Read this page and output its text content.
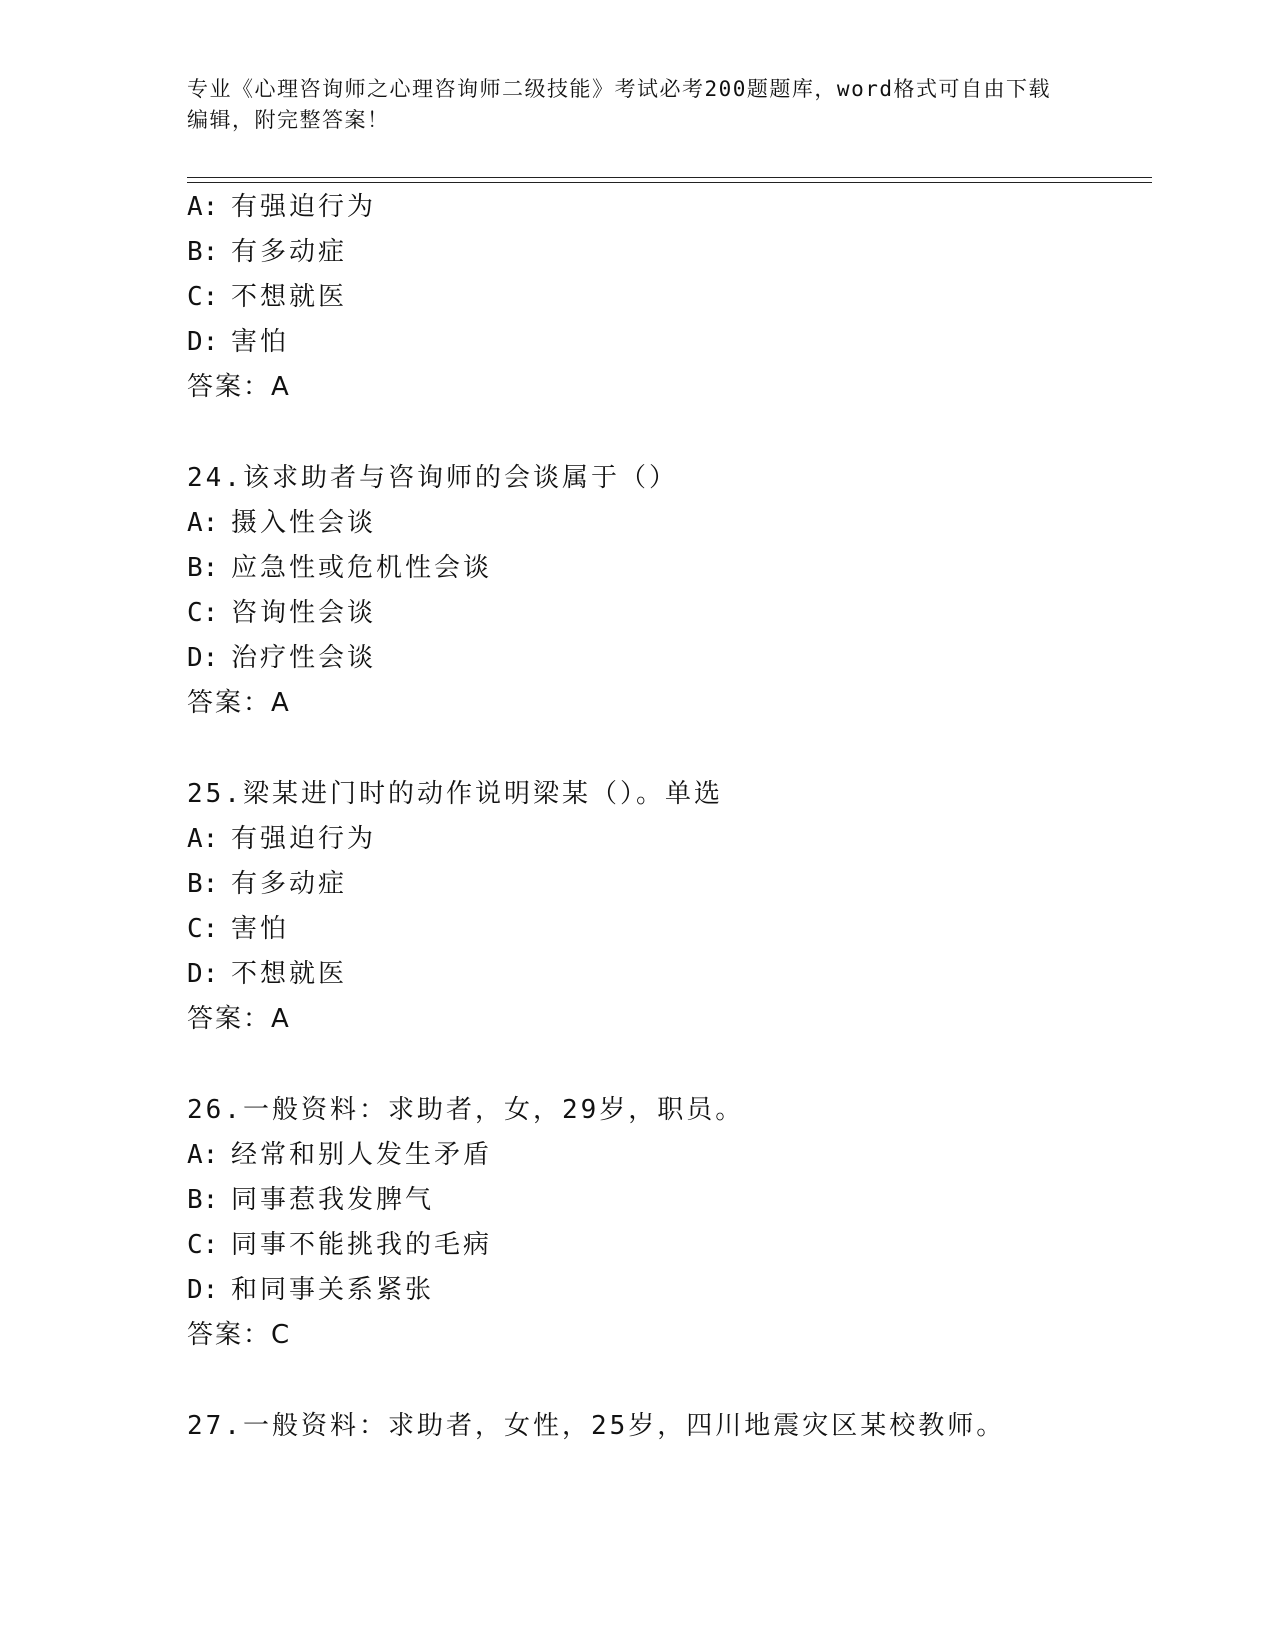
专业《心理咨询师之心理咨询师二级技能》考试必考200题题库，word格式可自由下载编辑，附完整答案！
A: 有强迫行为
B: 有多动症
C: 不想就医
D: 害怕
答案：A
24.该求助者与咨询师的会谈属于（）
A: 摄入性会谈
B: 应急性或危机性会谈
C: 咨询性会谈
D: 治疗性会谈
答案：A
25.梁某进门时的动作说明梁某（）。单选
A: 有强迫行为
B: 有多动症
C: 害怕
D: 不想就医
答案：A
26.一般资料：求助者，女，29岁，职员。
A: 经常和别人发生矛盾
B: 同事惹我发脾气
C: 同事不能挑我的毛病
D: 和同事关系紧张
答案：C
27.一般资料：求助者，女性，25岁，四川地震灾区某校教师。
